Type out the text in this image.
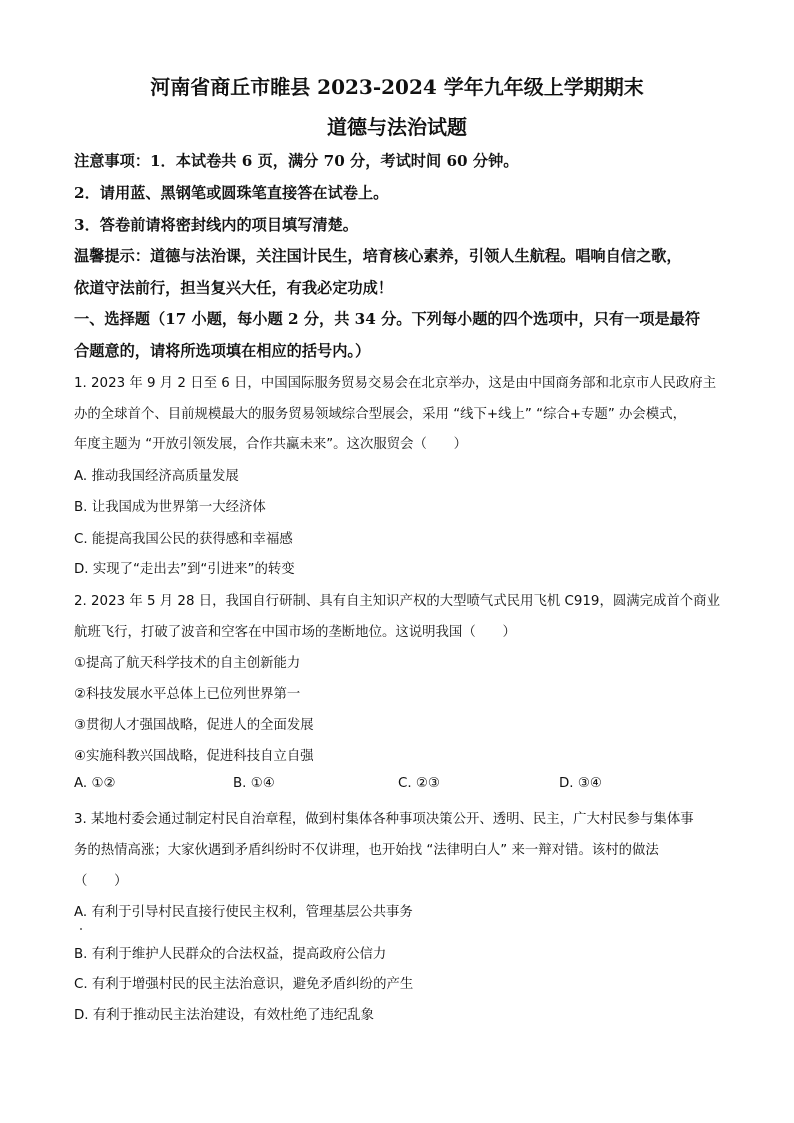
河南省商丘市睢县 2023-2024 学年九年级上学期期末
道德与法治试题
注意事项：1．本试卷共 6 页，满分 70 分，考试时间 60 分钟。
2．请用蓝、黑钢笔或圆珠笔直接答在试卷上。
3．答卷前请将密封线内的项目填写清楚。
温馨提示：道德与法治课，关注国计民生，培育核心素养，引领人生航程。唱响自信之歌，
依道守法前行，担当复兴大任，有我必定功成！
一、选择题（17 小题，每小题 2 分，共 34 分。下列每小题的四个选项中，只有一项是最符
合题意的，请将所选项填在相应的括号内。）
1. 2023 年 9 月 2 日至 6 日，中国国际服务贸易交易会在北京举办，这是由中国商务部和北京市人民政府主
办的全球首个、目前规模最大的服务贸易领域综合型展会，采用 “线下+线上” “综合+专题” 办会模式，
年度主题为 “开放引领发展，合作共赢未来”。这次服贸会（　　）
A. 推动我国经济高质量发展
B. 让我国成为世界第一大经济体
C. 能提高我国公民的获得感和幸福感
D. 实现了“走出去”到“引进来”的转变
2. 2023 年 5 月 28 日，我国自行研制、具有自主知识产权的大型喷气式民用飞机 C919，圆满完成首个商业
航班飞行，打破了波音和空客在中国市场的垄断地位。这说明我国（　　）
①提高了航天科学技术的自主创新能力
②科技发展水平总体上已位列世界第一
③贯彻人才强国战略，促进人的全面发展
④实施科教兴国战略，促进科技自立自强
A. ①②	B. ①④	C. ②③	D. ③④
3. 某地村委会通过制定村民自治章程，做到村集体各种事项决策公开、透明、民主，广大村民参与集体事
务的热情高涨；大家伙遇到矛盾纠纷时不仅讲理，也开始找 “法律明白人” 来一辩对错。该村的做法
（　　）
A. 有利于引导村民直接行使民主权利，管理基层公共事务
B. 有利于维护人民群众的合法权益，提高政府公信力
C. 有利于增强村民的民主法治意识，避免矛盾纠纷的产生
D. 有利于推动民主法治建设，有效杜绝了违纪乱象
